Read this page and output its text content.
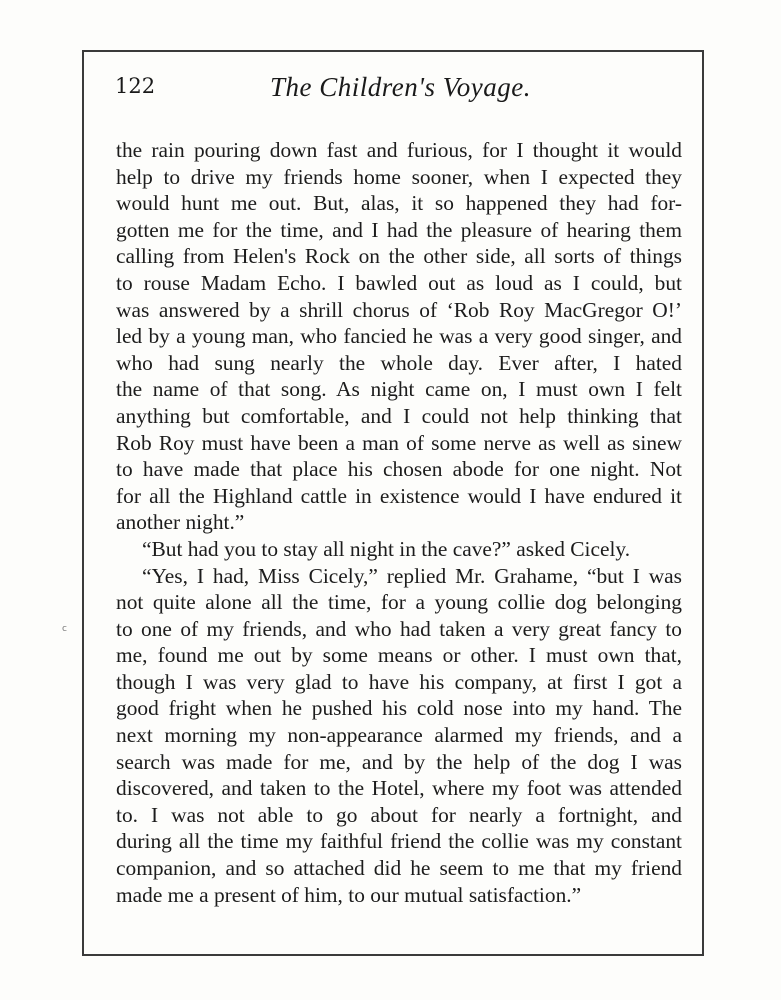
122	The Children's Voyage.
c
the rain pouring down fast and furious, for I thought it would
help to drive my friends home sooner, when I expected they
would hunt me out. But, alas, it so happened they had for-
gotten me for the time, and I had the pleasure of hearing them
calling from Helen's Rock on the other side, all sorts of things
to rouse Madam Echo. I bawled out as loud as I could, but
was answered by a shrill chorus of ‘Rob Roy MacGregor O!’
led by a young man, who fancied he was a very good singer, and
who had sung nearly the whole day. Ever after, I hated
the name of that song. As night came on, I must own I felt
anything but comfortable, and I could not help thinking that
Rob Roy must have been a man of some nerve as well as sinew
to have made that place his chosen abode for one night. Not
for all the Highland cattle in existence would I have endured it
another night.”
“But had you to stay all night in the cave?” asked Cicely.
“Yes, I had, Miss Cicely,” replied Mr. Grahame, “but I was
not quite alone all the time, for a young collie dog belonging
to one of my friends, and who had taken a very great fancy to
me, found me out by some means or other. I must own that,
though I was very glad to have his company, at first I got a
good fright when he pushed his cold nose into my hand. The
next morning my non-appearance alarmed my friends, and a
search was made for me, and by the help of the dog I was
discovered, and taken to the Hotel, where my foot was attended
to. I was not able to go about for nearly a fortnight, and
during all the time my faithful friend the collie was my constant
companion, and so attached did he seem to me that my friend
made me a present of him, to our mutual satisfaction.”
